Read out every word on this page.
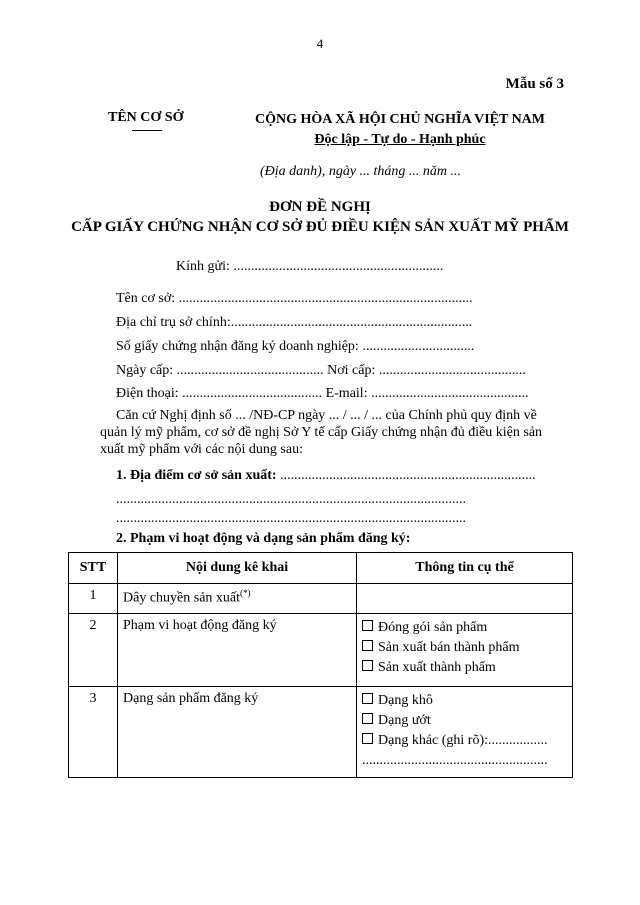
4
Mẫu số 3
TÊN CƠ SỞ	CỘNG HÒA XÃ HỘI CHỦ NGHĨA VIỆT NAM
Độc lập - Tự do - Hạnh phúc
(Địa danh), ngày ... tháng ... năm ...
ĐƠN ĐỀ NGHỊ
CẤP GIẤY CHỨNG NHẬN CƠ SỞ ĐỦ ĐIỀU KIỆN SẢN XUẤT MỸ PHẨM
Kính gửi: ............................................................
Tên cơ sở: ....................................................................................
Địa chỉ trụ sở chính:.....................................................................
Số giấy chứng nhận đăng ký doanh nghiệp: ................................
Ngày cấp: .......................................... Nơi cấp: ..........................................
Điện thoại: ........................................ E-mail: .............................................
Căn cứ Nghị định số ... /NĐ-CP ngày ... / ... / ... của Chính phủ quy định về
quản lý mỹ phẩm, cơ sở đề nghị Sở Y tế cấp Giấy chứng nhận đủ điều kiện sản
xuất mỹ phẩm với các nội dung sau:
1. Địa điểm cơ sở sản xuất: .........................................................................
....................................................................................................
....................................................................................................
2. Phạm vi hoạt động và dạng sản phẩm đăng ký:
STT	Nội dung kê khai	Thông tin cụ thể
1	Dây chuyền sản xuất(*)	
2	Phạm vi hoạt động đăng ký	Đóng gói sản phẩm
Sản xuất bán thành phẩm
Sản xuất thành phẩm

3	Dạng sản phẩm đăng ký	Dạng khô
Dạng ướt
Dạng khác (ghi rõ):.................
.....................................................
